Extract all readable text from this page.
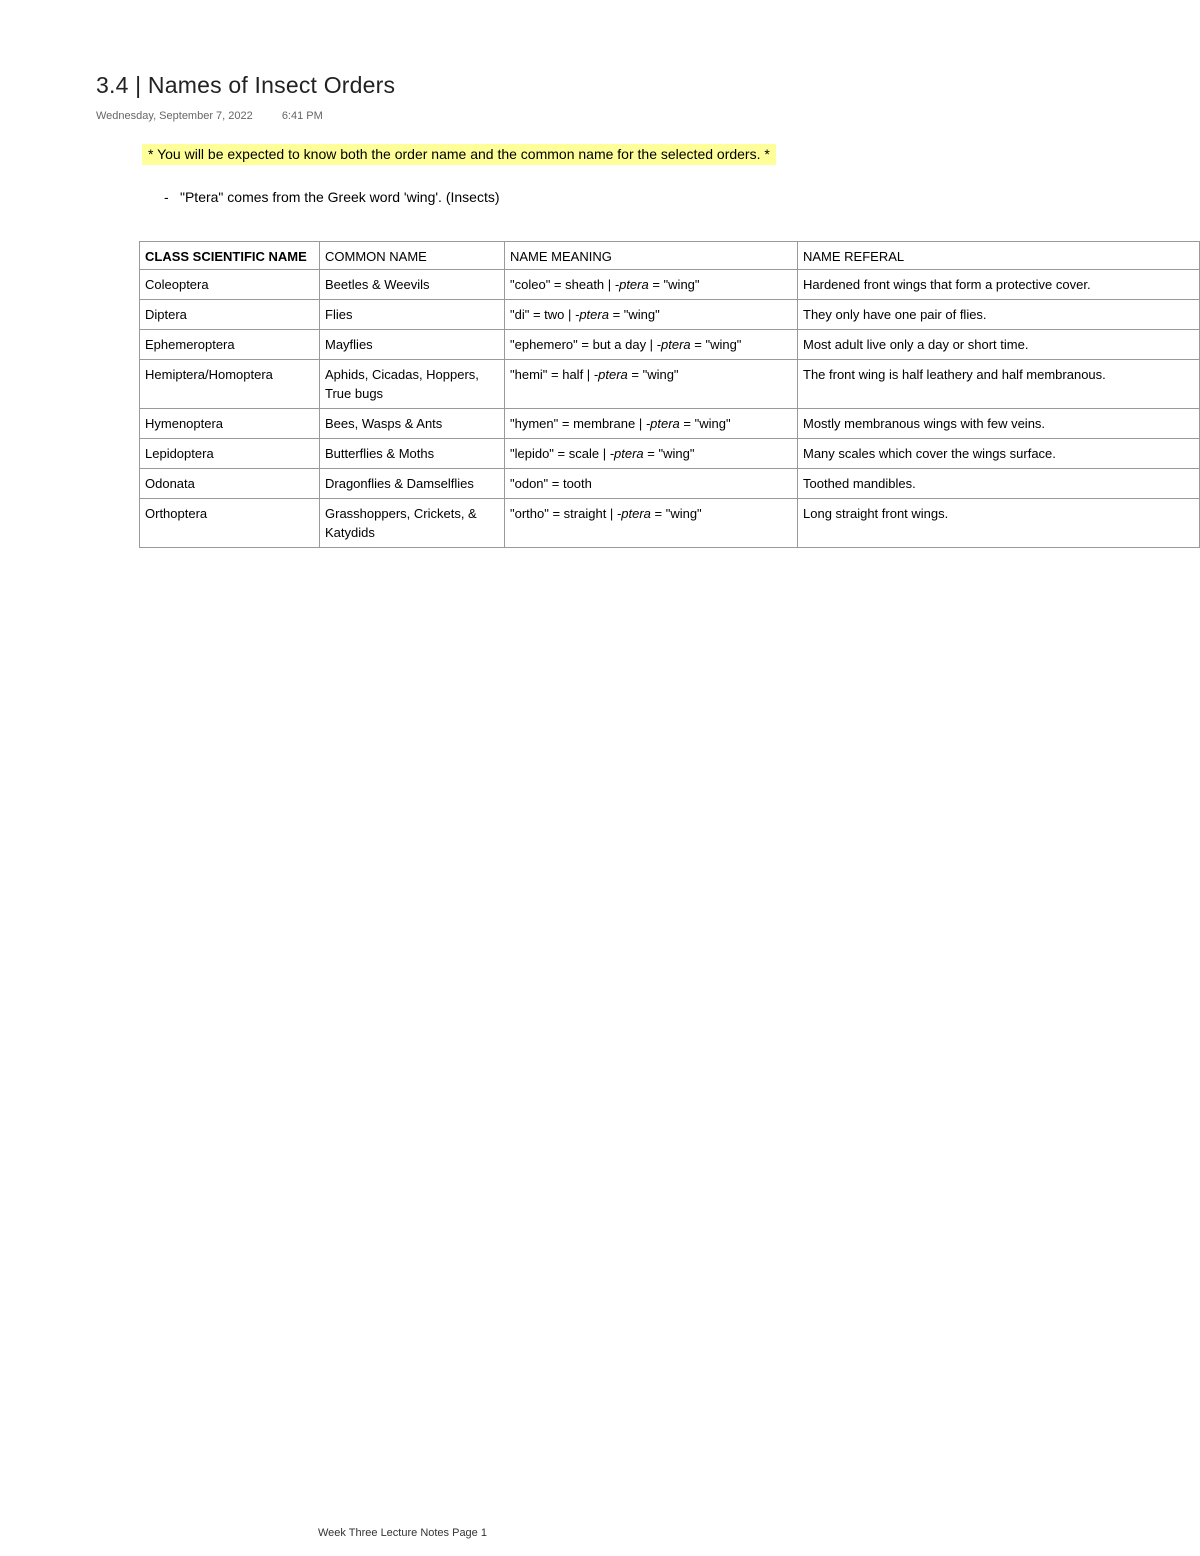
3.4 | Names of Insect Orders
Wednesday, September 7, 2022	6:41 PM
* You will be expected to know both the order name and the common name for the selected orders. *
- "Ptera" comes from the Greek word 'wing'. (Insects)
CLASS SCIENTIFIC NAME	COMMON NAME	NAME MEANING	NAME REFERAL
Coleoptera	Beetles & Weevils	"coleo" = sheath | -ptera = "wing"	Hardened front wings that form a protective cover.
Diptera	Flies	"di" = two | -ptera = "wing"	They only have one pair of flies.
Ephemeroptera	Mayflies	"ephemero" = but a day | -ptera = "wing"	Most adult live only a day or short time.
Hemiptera/Homoptera	Aphids, Cicadas, Hoppers, True bugs	"hemi" = half | -ptera = "wing"	The front wing is half leathery and half membranous.
Hymenoptera	Bees, Wasps & Ants	"hymen" = membrane | -ptera = "wing"	Mostly membranous wings with few veins.
Lepidoptera	Butterflies & Moths	"lepido" = scale | -ptera = "wing"	Many scales which cover the wings surface.
Odonata	Dragonflies & Damselflies	"odon" = tooth	Toothed mandibles.
Orthoptera	Grasshoppers, Crickets, & Katydids	"ortho" = straight | -ptera = "wing"	Long straight front wings.
Week Three Lecture Notes Page 1
